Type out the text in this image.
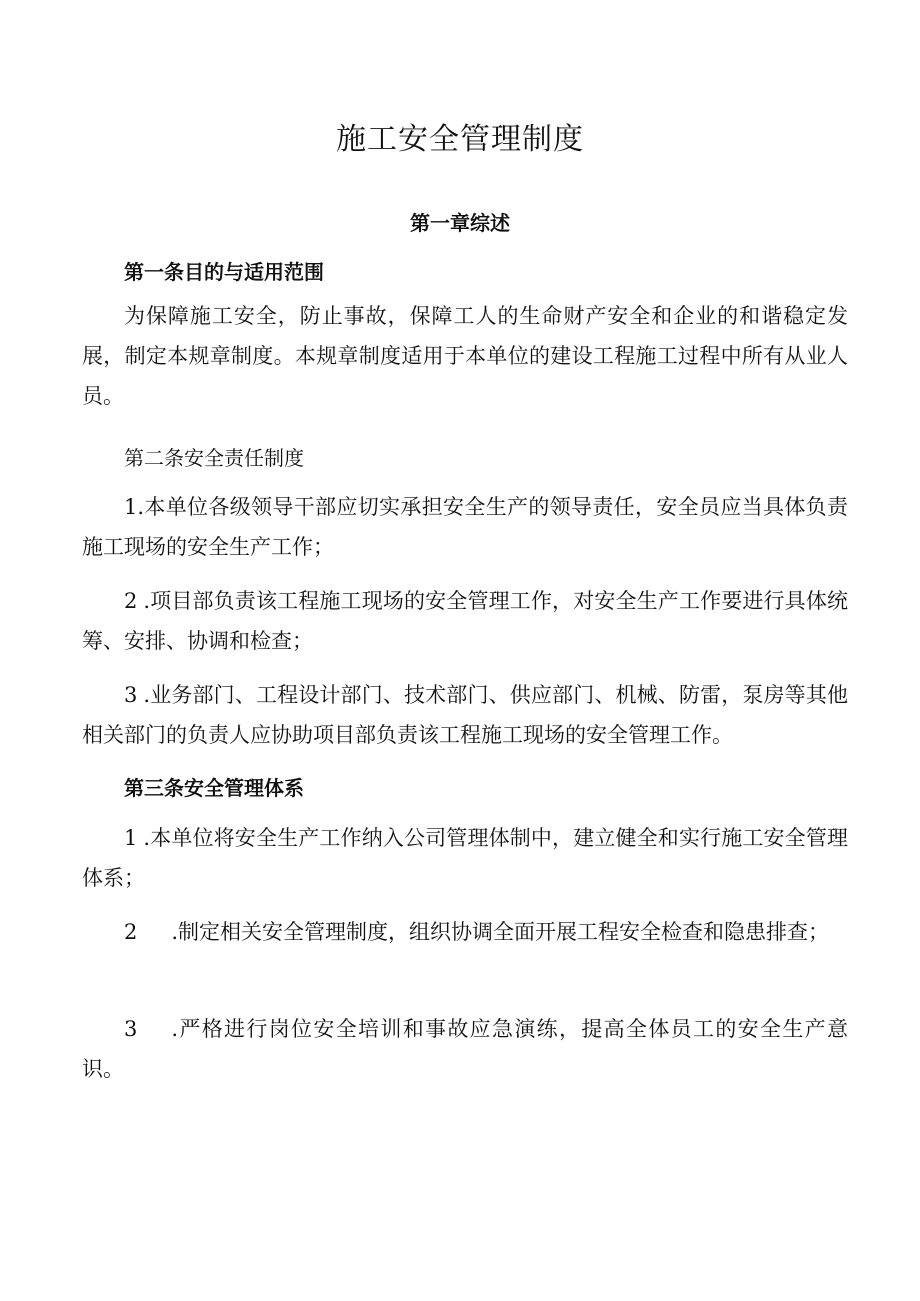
施工安全管理制度
第一章综述

第一条目的与适用范围

为保障施工安全，防止事故，保障工人的生命财产安全和企业的和谐稳定发展，制定本规章制度。本规章制度适用于本单位的建设工程施工过程中所有从业人员。

第二条安全责任制度

1.本单位各级领导干部应切实承担安全生产的领导责任，安全员应当具体负责施工现场的安全生产工作；

2 .项目部负责该工程施工现场的安全管理工作，对安全生产工作要进行具体统筹、安排、协调和检查；

3 .业务部门、工程设计部门、技术部门、供应部门、机械、防雷，泵房等其他相关部门的负责人应协助项目部负责该工程施工现场的安全管理工作。

第三条安全管理体系

1 .本单位将安全生产工作纳入公司管理体制中，建立健全和实行施工安全管理体系；

2 .制定相关安全管理制度，组织协调全面开展工程安全检查和隐患排查；

3 .严格进行岗位安全培训和事故应急演练，提高全体员工的安全生产意识。
